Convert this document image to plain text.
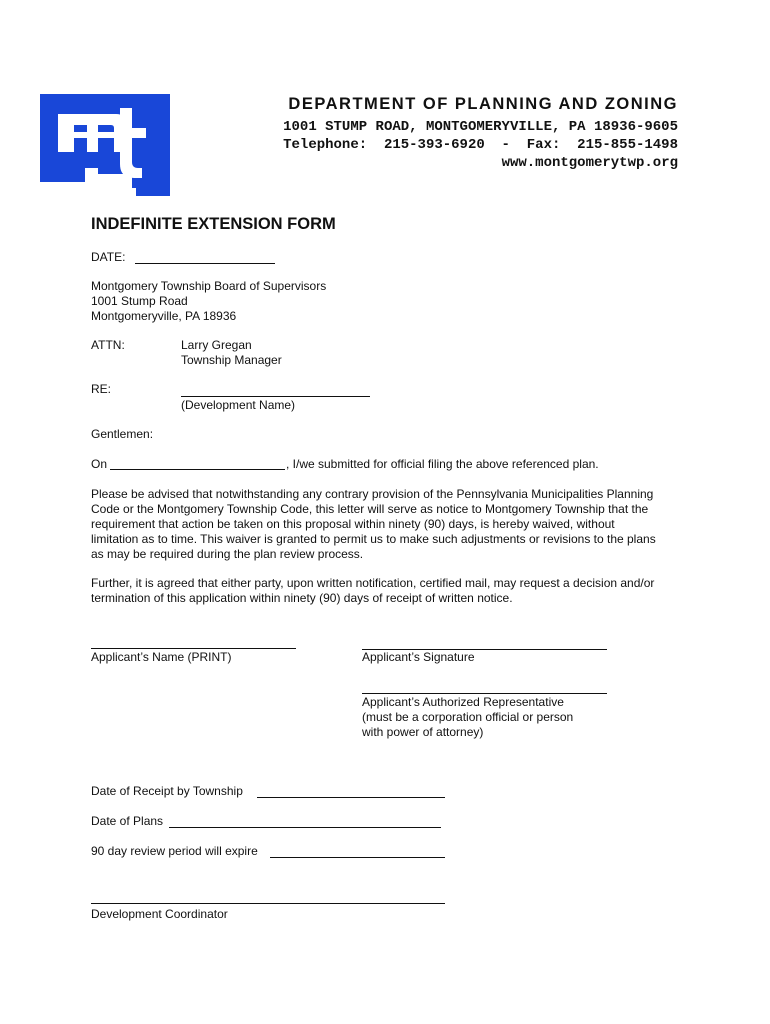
DEPARTMENT OF PLANNING AND ZONING
1001 STUMP ROAD, MONTGOMERYVILLE, PA 18936-9605
Telephone:  215-393-6920  -  Fax:  215-855-1498
www.montgomerytwp.org
INDEFINITE EXTENSION FORM
DATE:
Montgomery Township Board of Supervisors
1001 Stump Road
Montgomeryville, PA 18936
ATTN:	Larry Gregan
Township Manager
RE:
(Development Name)
Gentlemen:
On	, I/we submitted for official filing the above referenced plan.
Please be advised that notwithstanding any contrary provision of the Pennsylvania Municipalities Planning Code or the Montgomery Township Code, this letter will serve as notice to Montgomery Township that the requirement that action be taken on this proposal within ninety (90) days, is hereby waived, without limitation as to time. This waiver is granted to permit us to make such adjustments or revisions to the plans as may be required during the plan review process.
Further, it is agreed that either party, upon written notification, certified mail, may request a decision and/or termination of this application within ninety (90) days of receipt of written notice.
Applicant’s Name (PRINT)	Applicant’s Signature
Applicant’s Authorized Representative
(must be a corporation official or person
with power of attorney)
Date of Receipt by Township
Date of Plans
90 day review period will expire
Development Coordinator
